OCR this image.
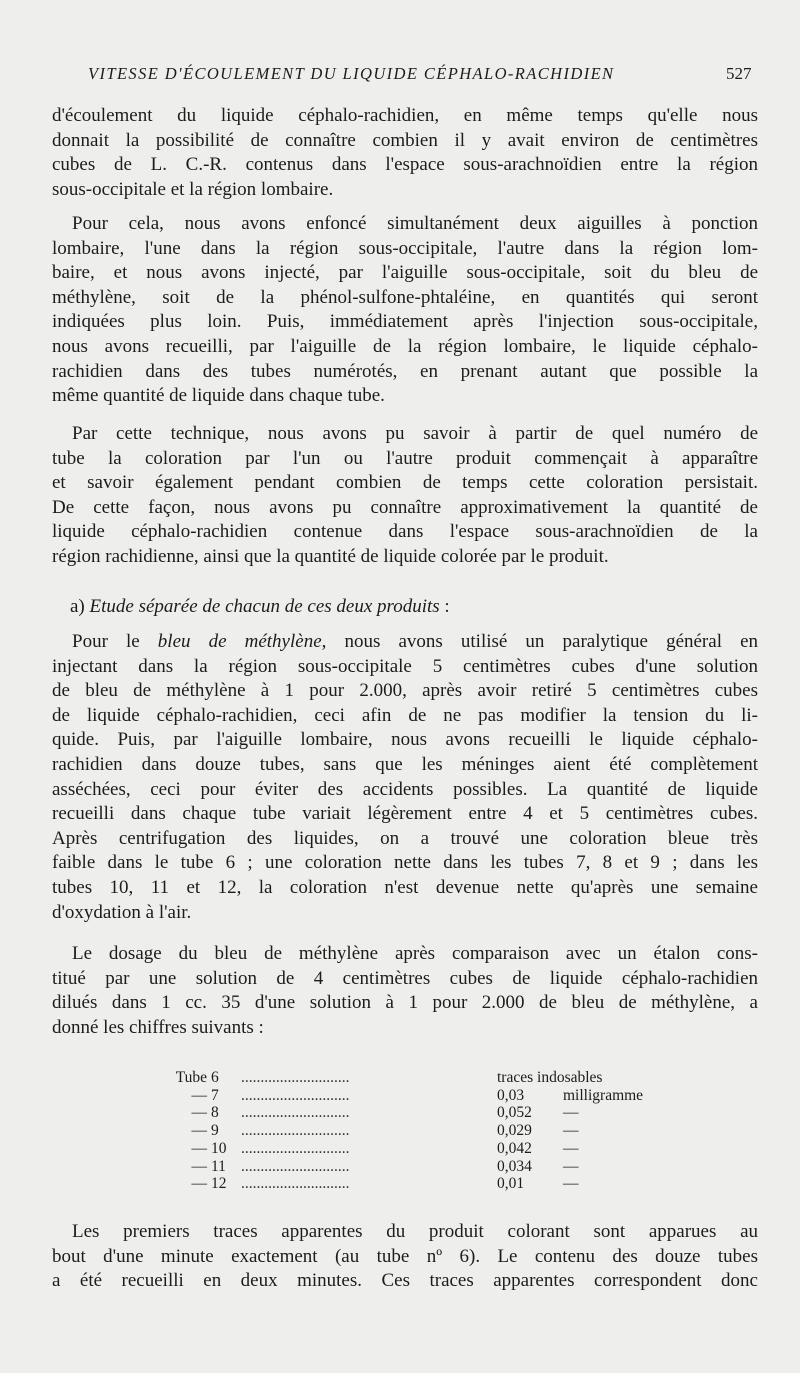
VITESSE D'ÉCOULEMENT DU LIQUIDE CÉPHALO-RACHIDIEN	527

d'écoulement du liquide céphalo-rachidien, en même temps qu'elle nous

donnait la possibilité de connaître combien il y avait environ de centimètres

cubes de L. C.-R. contenus dans l'espace sous-arachnoïdien entre la région

sous-occipitale et la région lombaire.

Pour cela, nous avons enfoncé simultanément deux aiguilles à ponction

lombaire, l'une dans la région sous-occipitale, l'autre dans la région lom-

baire, et nous avons injecté, par l'aiguille sous-occipitale, soit du bleu de

méthylène, soit de la phénol-sulfone-phtaléine, en quantités qui seront

indiquées plus loin. Puis, immédiatement après l'injection sous-occipitale,

nous avons recueilli, par l'aiguille de la région lombaire, le liquide céphalo-

rachidien dans des tubes numérotés, en prenant autant que possible la

même quantité de liquide dans chaque tube.

Par cette technique, nous avons pu savoir à partir de quel numéro de

tube la coloration par l'un ou l'autre produit commençait à apparaître

et savoir également pendant combien de temps cette coloration persistait.

De cette façon, nous avons pu connaître approximativement la quantité de

liquide céphalo-rachidien contenue dans l'espace sous-arachnoïdien de la

région rachidienne, ainsi que la quantité de liquide colorée par le produit.

a) Etude séparée de chacun de ces deux produits :

Pour le bleu de méthylène, nous avons utilisé un paralytique général en

injectant dans la région sous-occipitale 5 centimètres cubes d'une solution

de bleu de méthylène à 1 pour 2.000, après avoir retiré 5 centimètres cubes

de liquide céphalo-rachidien, ceci afin de ne pas modifier la tension du li-

quide. Puis, par l'aiguille lombaire, nous avons recueilli le liquide céphalo-

rachidien dans douze tubes, sans que les méninges aient été complètement

asséchées, ceci pour éviter des accidents possibles. La quantité de liquide

recueilli dans chaque tube variait légèrement entre 4 et 5 centimètres cubes.

Après centrifugation des liquides, on a trouvé une coloration bleue très

faible dans le tube 6 ; une coloration nette dans les tubes 7, 8 et 9 ; dans les

tubes 10, 11 et 12, la coloration n'est devenue nette qu'après une semaine

d'oxydation à l'air.

Le dosage du bleu de méthylène après comparaison avec un étalon cons-

titué par une solution de 4 centimètres cubes de liquide céphalo-rachidien

dilués dans 1 cc. 35 d'une solution à 1 pour 2.000 de bleu de méthylène, a

donné les chiffres suivants :

Tube 6	............................	traces indosables
— 7	............................	0,03	milligramme
— 8	............................	0,052	—
— 9	............................	0,029	—
— 10 ............................	0,042	—
— 11 ............................	0,034	—
— 12 ............................	0,01	—

Les premiers traces apparentes du produit colorant sont apparues au

bout d'une minute exactement (au tube nº 6). Le contenu des douze tubes

a été recueilli en deux minutes. Ces traces apparentes correspondent donc
